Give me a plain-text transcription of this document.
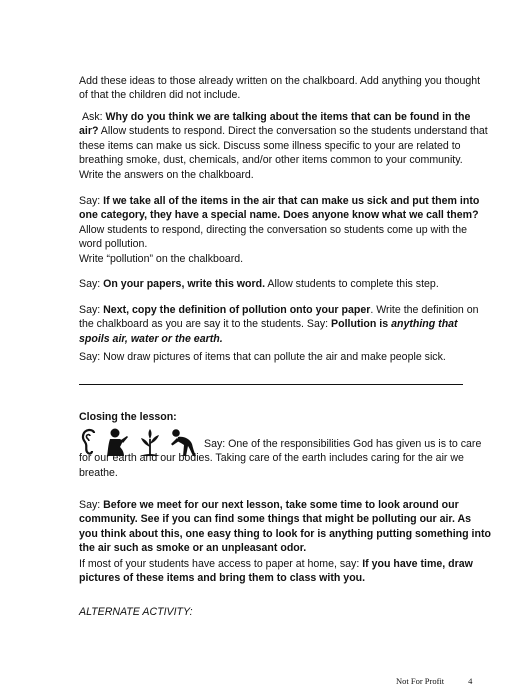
Add these ideas to those already written on the chalkboard. Add anything you thought of that the children did not include.

Ask: Why do you think we are talking about the items that can be found in the air? Allow students to respond. Direct the conversation so the students understand that these items can make us sick. Discuss some illness specific to your are related to breathing smoke, dust, chemicals, and/or other items common to your community.

Write the answers on the chalkboard.

Say: If we take all of the items in the air that can make us sick and put them into one category, they have a special name. Does anyone know what we call them? Allow students to respond, directing the conversation so students come up with the word pollution.

Write “pollution” on the chalkboard.

Say: On your papers, write this word. Allow students to complete this step.

Say: Next, copy the definition of pollution onto your paper. Write the definition on the chalkboard as you are say it to the students. Say: Pollution is anything that spoils air, water or the earth.

Say: Now draw pictures of items that can pollute the air and make people sick.

Closing the lesson:

Say: One of the responsibilities God has given us is to care for our earth and our bodies. Taking care of the earth includes caring for the air we breathe.

Say: Before we meet for our next lesson, take some time to look around our community. See if you can find some things that might be polluting our air. As you think about this, one easy thing to look for is anything putting something into the air such as smoke or an unpleasant odor.

If most of your students have access to paper at home, say: If you have time, draw pictures of these items and bring them to class with you.

ALTERNATE ACTIVITY:

Not For Profit	4
